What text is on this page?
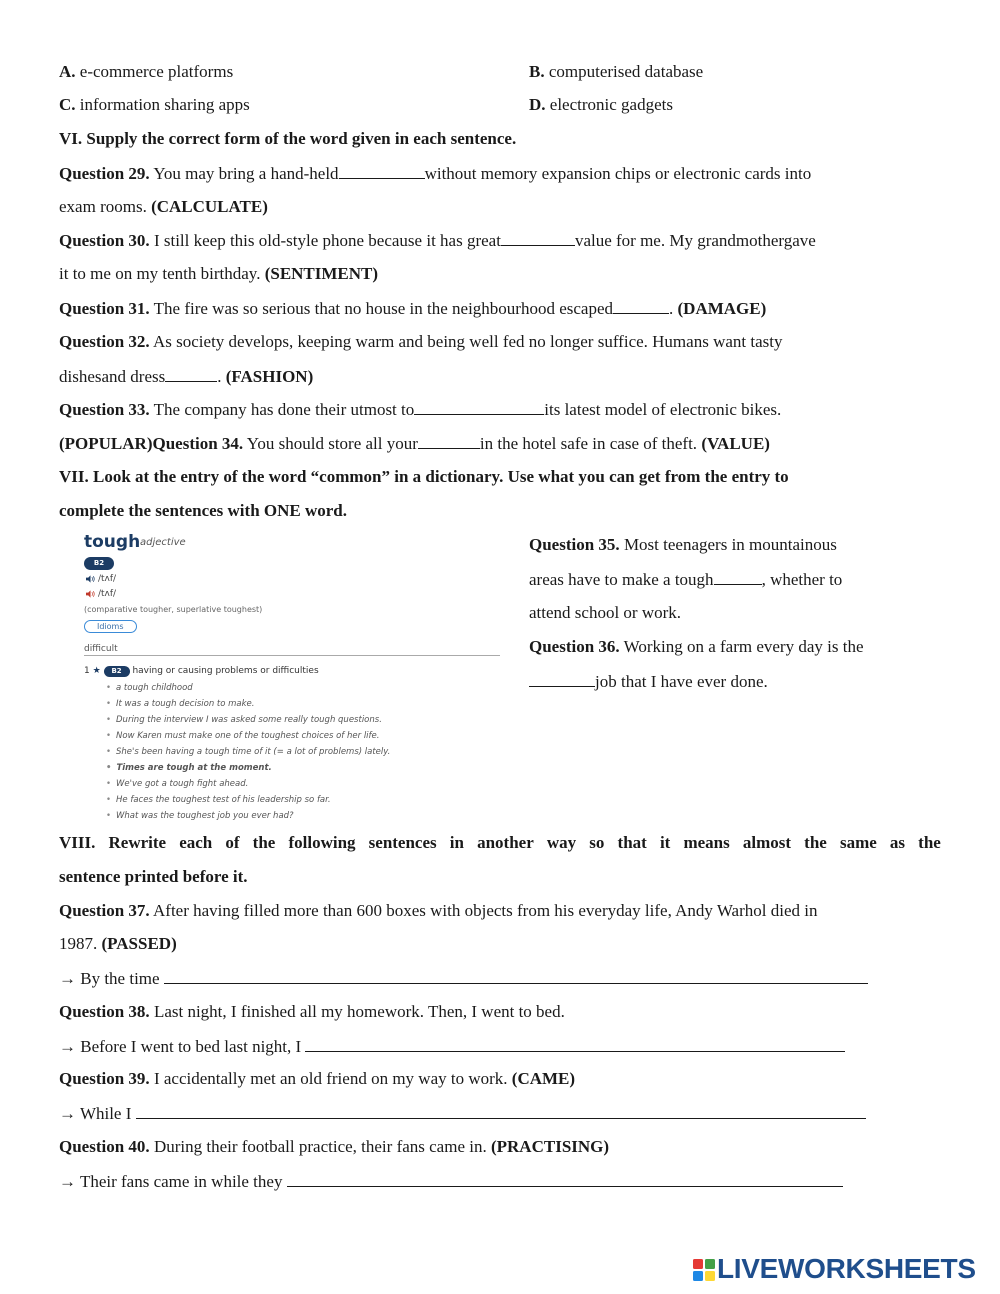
A. e-commerce platforms	B. computerised database
C. information sharing apps	D. electronic gadgets
VI. Supply the correct form of the word given in each sentence.
Question 29. You may bring a hand-held	without memory expansion chips or electronic cards into
exam rooms. (CALCULATE)
Question 30. I still keep this old-style phone because it has great	value for me. My grandmothergave
it to me on my tenth birthday. (SENTIMENT)
Question 31. The fire was so serious that no house in the neighbourhood escaped	. (DAMAGE)
Question 32. As society develops, keeping warm and being well fed no longer suffice. Humans want tasty
dishesand dress	. (FASHION)
Question 33. The company has done their utmost to	its latest model of electronic bikes.
(POPULAR)Question 34. You should store all your	in the hotel safe in case of theft. (VALUE)
VII. Look at the entry of the word “common” in a dictionary. Use what you can get from the entry to
complete the sentences with ONE word.
tough adjective
B2
/tʌf/
/tʌf/
(comparative tougher, superlative toughest)
Idioms
difficult
1 ★ B2 having or causing problems or difficulties
• a tough childhood
• It was a tough decision to make.
• During the interview I was asked some really tough questions.
• Now Karen must make one of the toughest choices of her life.
• She's been having a tough time of it (= a lot of problems) lately.
• Times are tough at the moment.
• We've got a tough fight ahead.
• He faces the toughest test of his leadership so far.
• What was the toughest job you ever had?
Question 35. Most teenagers in mountainous
areas have to make a tough	, whether to
attend school or work.
Question 36. Working on a farm every day is the
job that I have ever done.
VIII. Rewrite each of the following sentences in another way so that it means almost the same as the
sentence printed before it.
Question 37. After having filled more than 600 boxes with objects from his everyday life, Andy Warhol died in
1987. (PASSED)
→ By the time
Question 38. Last night, I finished all my homework. Then, I went to bed.
→ Before I went to bed last night, I
Question 39. I accidentally met an old friend on my way to work. (CAME)
→ While I
Question 40. During their football practice, their fans came in. (PRACTISING)
→ Their fans came in while they
LIVEWORKSHEETS
